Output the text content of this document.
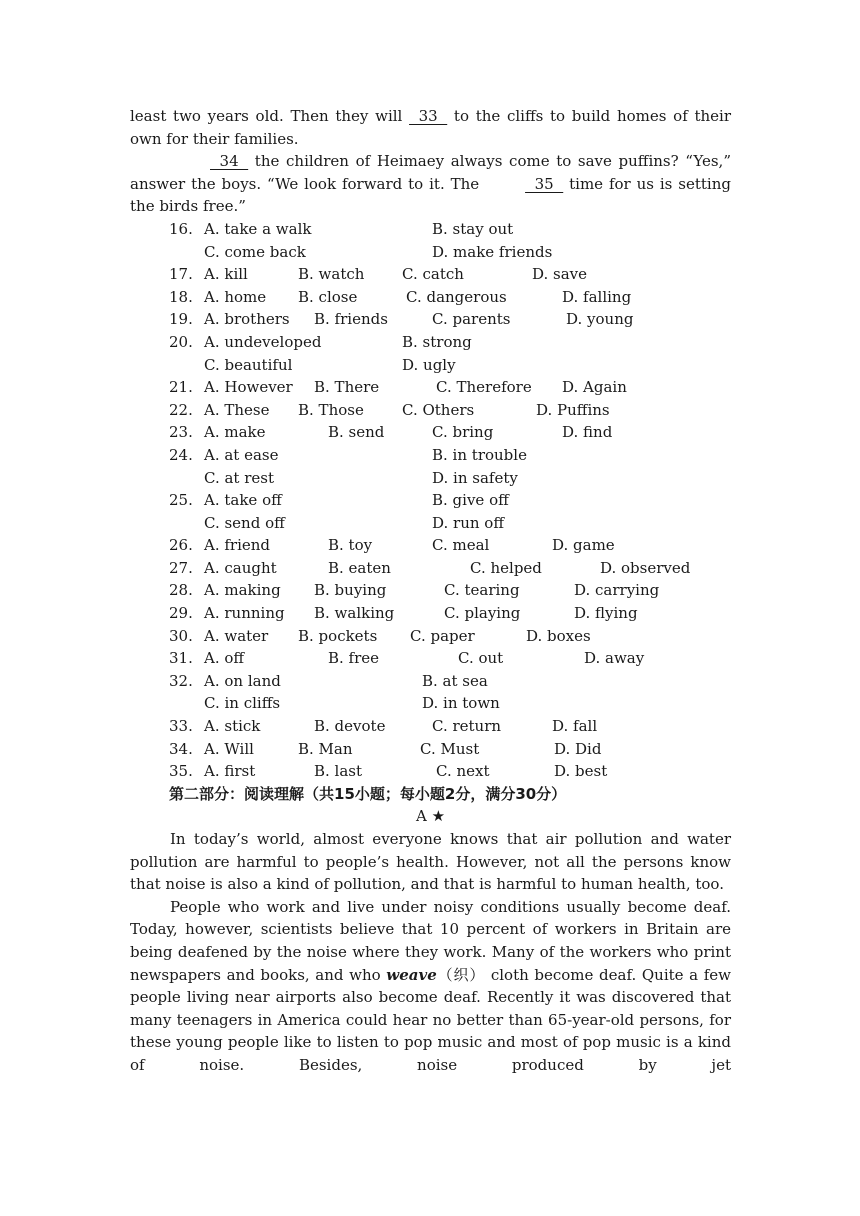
least two years old. Then they will   33   to the cliffs to build homes of their own for their families.

34   the children of Heimaey always come to save puffins? “Yes,” answer the boys. “We look forward to it. The	35   time for us is setting the birds free.”

16. A. take a walk	B. stay out
C. come back	D. make friends
17. A. kill	B. watch	C. catch	D. save
18. A. home B. close	C. dangerous	D. falling
19. A. brothers B. friends	C. parents	D. young
20. A. undeveloped	B. strong
C. beautiful	D. ugly
21. A. However B. There	C. Therefore D. Again
22. A. These B. Those	C. Others	D. Puffins
23. A. make	B. send	C. bring	D. find
24. A. at ease	B. in trouble
C. at rest	D. in safety
25. A. take off	B. give off
C. send off	D. run off
26. A. friend	B. toy	C. meal	D. game
27. A. caught	B. eaten	C. helped	D. observed
28. A. making B. buying	C. tearing	D. carrying
29. A. running B. walking	C. playing	D. flying
30. A. water B. pockets C. paper	D. boxes
31. A. off	B. free	C. out	D. away
32. A. on land	B. at sea
C. in cliffs	D. in town
33. A. stick	B. devote	C. return	D. fall
34. A. Will	B. Man	C. Must	D. Did
35. A. first	B. last	C. next	D. best
第二部分：阅读理解（共15小题；每小题2分，满分30分）
A ★

In today’s world, almost everyone knows that air pollution and water pollution are harmful to people’s health. However, not all the persons know that noise is also a kind of pollution, and that is harmful to human health, too.

People who work and live under noisy conditions usually become deaf. Today, however, scientists believe that 10 percent of workers in Britain are being deafened by the noise where they work. Many of the workers who print newspapers and books, and who weave（织） cloth become deaf. Quite a few people living near airports also become deaf. Recently it was discovered that many teenagers in America could hear no better than 65-year-old persons, for these young people like to listen to pop music and most of pop music is a kind of noise. Besides, noise produced by jet
